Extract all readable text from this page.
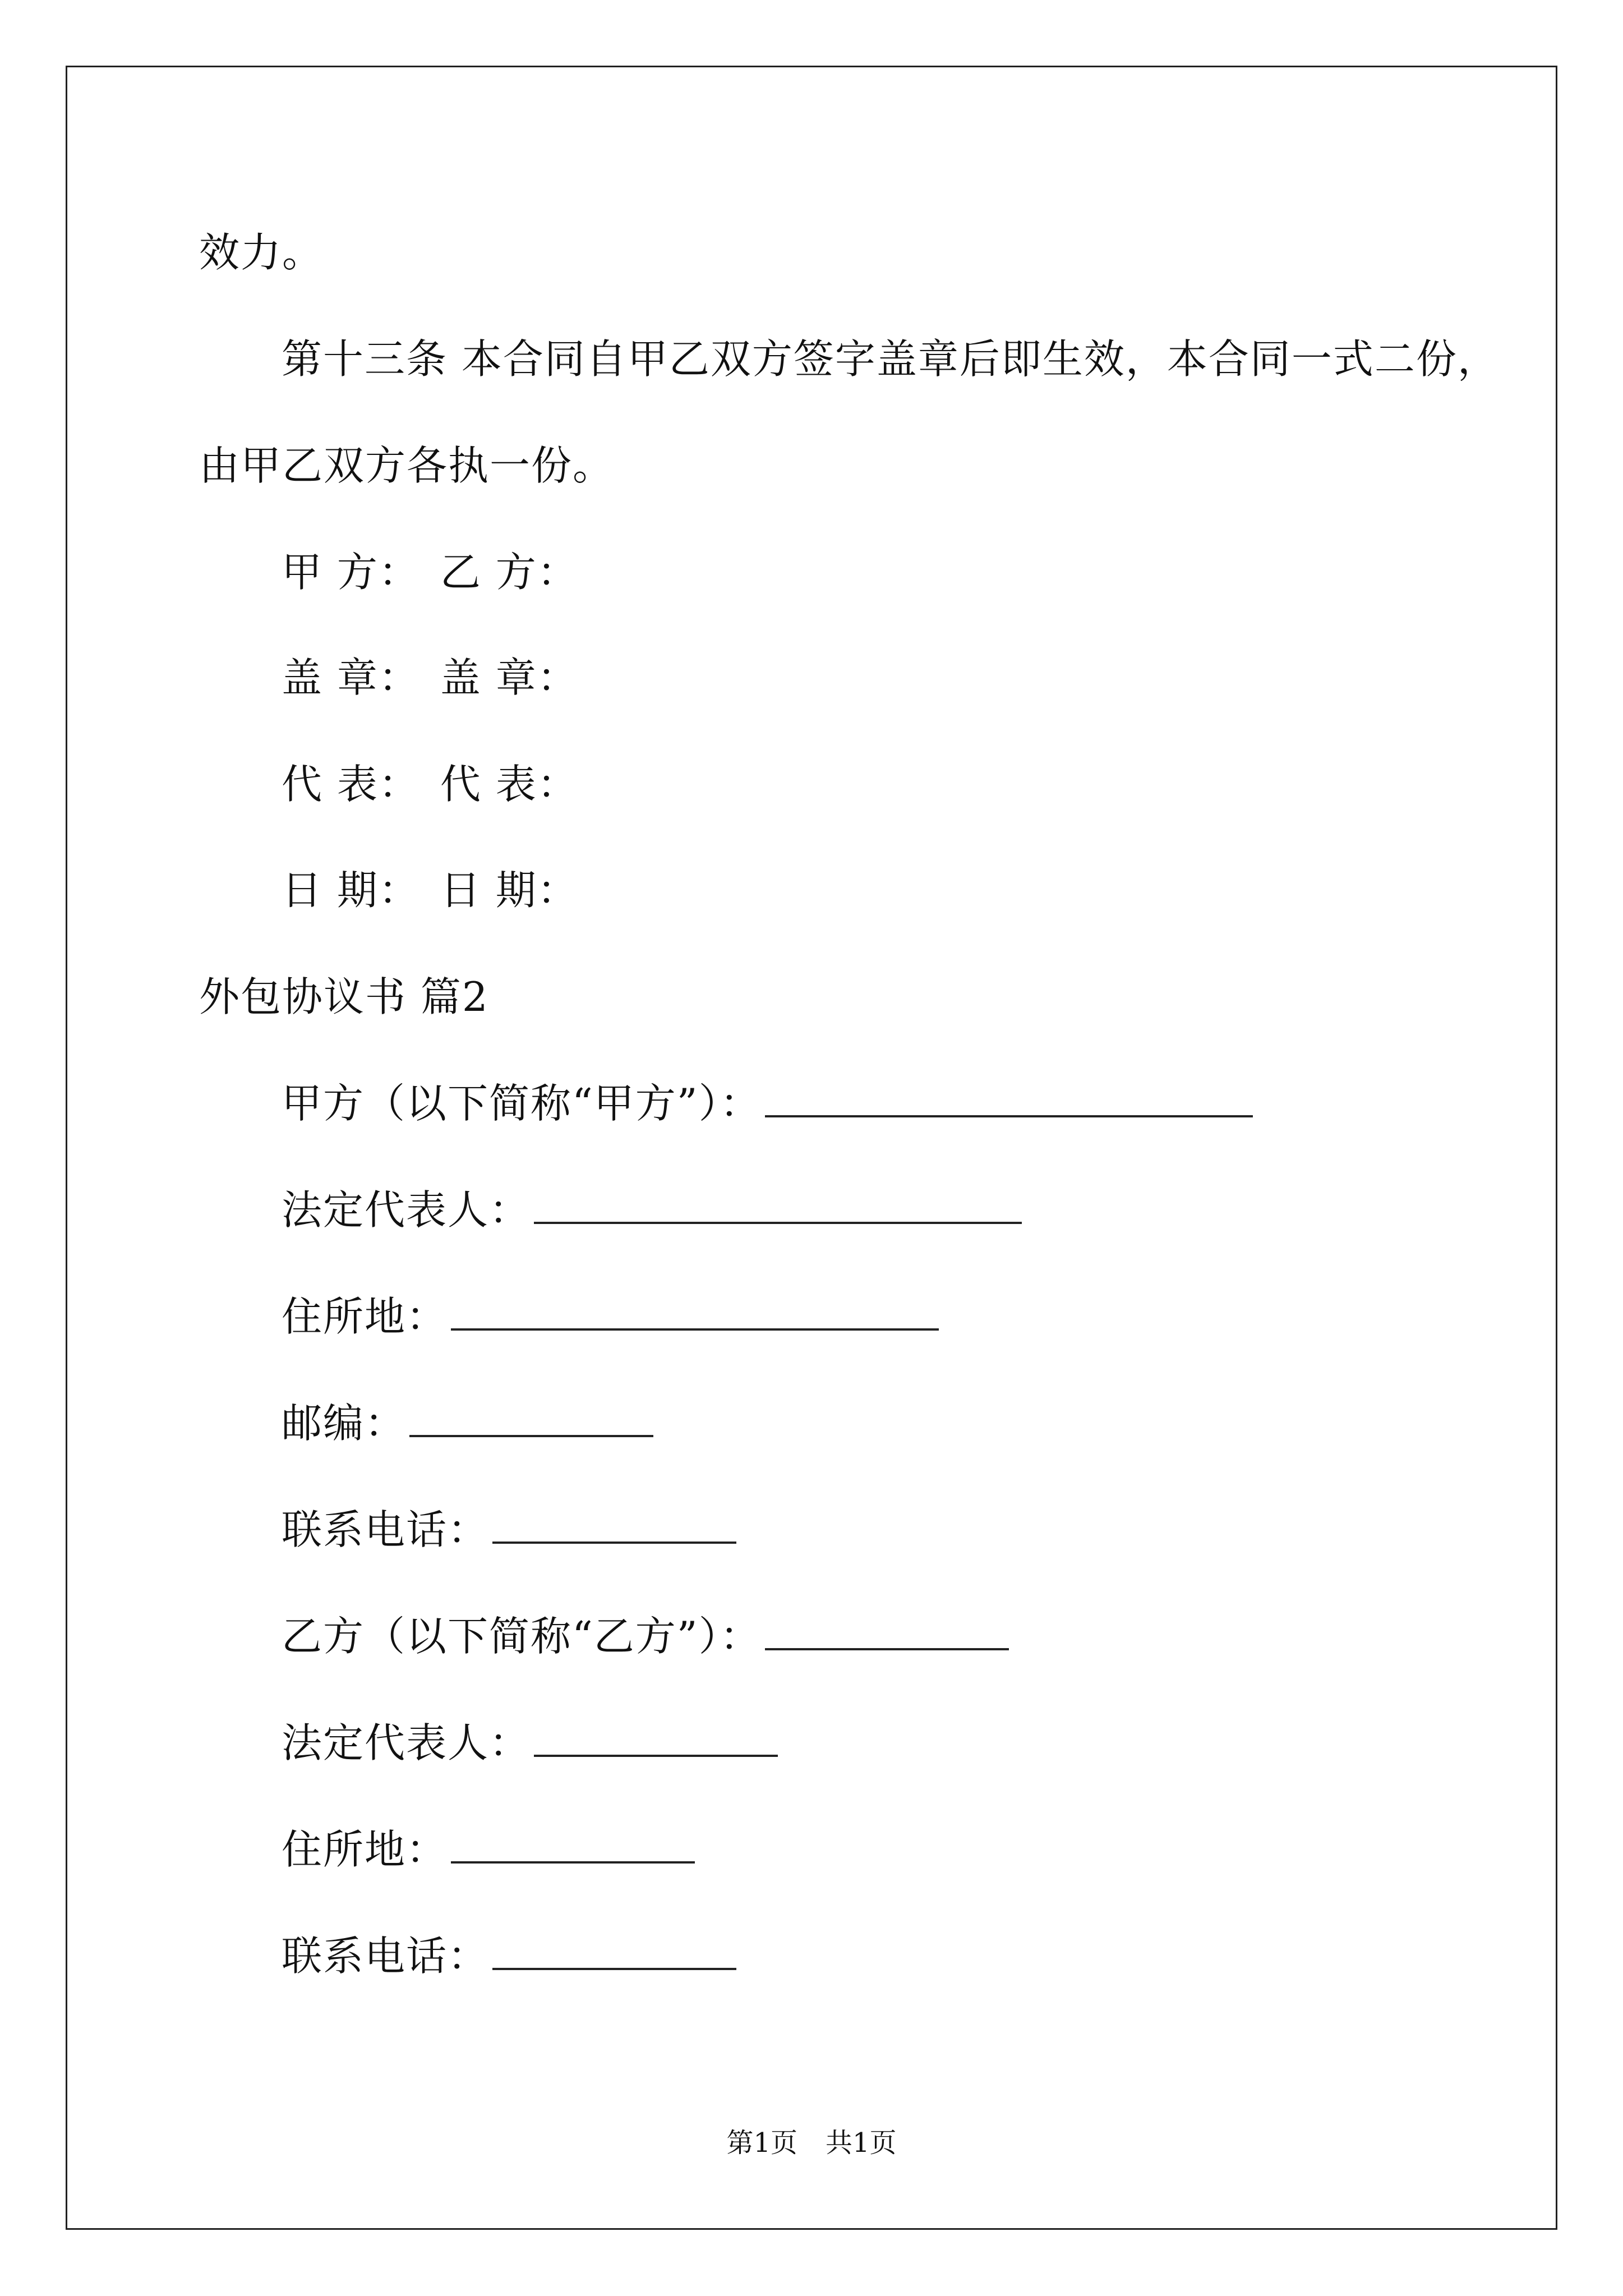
效力。
第十三条 本合同自甲乙双方签字盖章后即生效，本合同一式二份，
由甲乙双方各执一份。
甲 方： 乙 方：
盖 章： 盖 章：
代 表： 代 表：
日 期： 日 期：
外包协议书 篇2
甲方（以下简称“甲方”）：
法定代表人：
住所地：
邮编：
联系电话：
乙方（以下简称“乙方”）：
法定代表人：
住所地：
联系电话：
第1页 共1页
